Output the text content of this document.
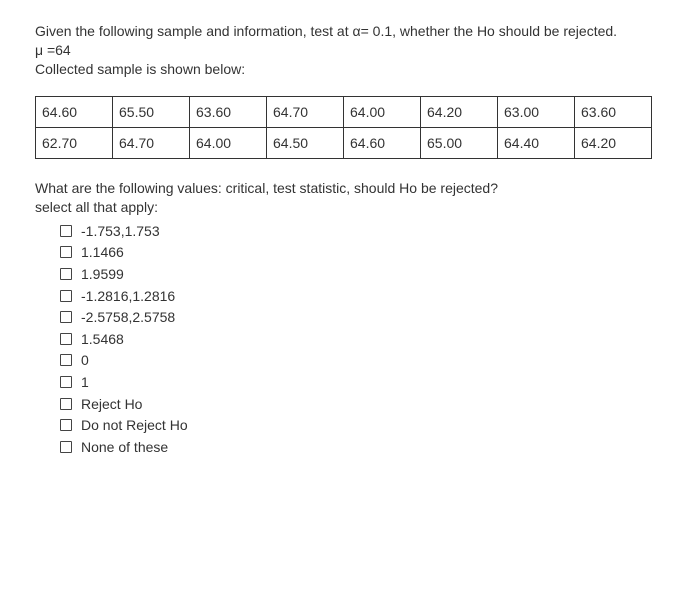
Given the following sample and information, test at α= 0.1, whether the Ho should be rejected.

μ =64

Collected sample is shown below:

64.60	65.50	63.60	64.70	64.00	64.20	63.00	63.60
62.70	64.70	64.00	64.50	64.60	65.00	64.40	64.20

What are the following values: critical, test statistic, should Ho be rejected?

select all that apply:

-1.753,1.753
1.1466
1.9599
-1.2816,1.2816
-2.5758,2.5758
1.5468
0
1
Reject Ho
Do not Reject Ho
None of these
